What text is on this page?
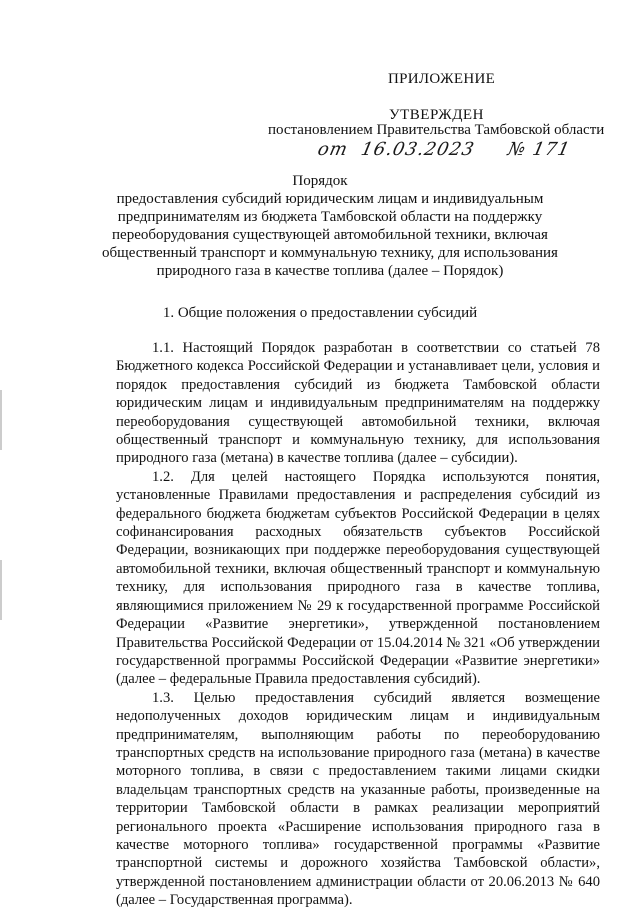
ПРИЛОЖЕНИЕ
УТВЕРЖДЕН
постановлением Правительства Тамбовской области
от  16.03.2023     № 171
Порядок
предоставления субсидий юридическим лицам и индивидуальным предпринимателям из бюджета Тамбовской области на поддержку переоборудования существующей автомобильной техники, включая общественный транспорт и коммунальную технику, для использования природного газа в качестве топлива (далее – Порядок)
1. Общие положения о предоставлении субсидий

1.1. Настоящий Порядок разработан в соответствии со статьей 78 Бюджетного кодекса Российской Федерации и устанавливает цели, условия и порядок предоставления субсидий из бюджета Тамбовской области юридическим лицам и индивидуальным предпринимателям на поддержку переоборудования существующей автомобильной техники, включая общественный транспорт и коммунальную технику, для использования природного газа (метана) в качестве топлива (далее – субсидии).

1.2. Для целей настоящего Порядка используются понятия, установленные Правилами предоставления и распределения субсидий из федерального бюджета бюджетам субъектов Российской Федерации в целях софинансирования расходных обязательств субъектов Российской Федерации, возникающих при поддержке переоборудования существующей автомобильной техники, включая общественный транспорт и коммунальную технику, для использования природного газа в качестве топлива, являющимися приложением № 29 к государственной программе Российской Федерации «Развитие энергетики», утвержденной постановлением Правительства Российской Федерации от 15.04.2014 № 321 «Об утверждении государственной программы Российской Федерации «Развитие энергетики» (далее – федеральные Правила предоставления субсидий).

1.3. Целью предоставления субсидий является возмещение недополученных доходов юридическим лицам и индивидуальным предпринимателям, выполняющим работы по переоборудованию транспортных средств на использование природного газа (метана) в качестве моторного топлива, в связи с предоставлением такими лицами скидки владельцам транспортных средств на указанные работы, произведенные на территории Тамбовской области в рамках реализации мероприятий регионального проекта «Расширение использования природного газа в качестве моторного топлива» государственной программы «Развитие транспортной системы и дорожного хозяйства Тамбовской области», утвержденной постановлением администрации области от 20.06.2013 № 640 (далее – Государственная программа).
